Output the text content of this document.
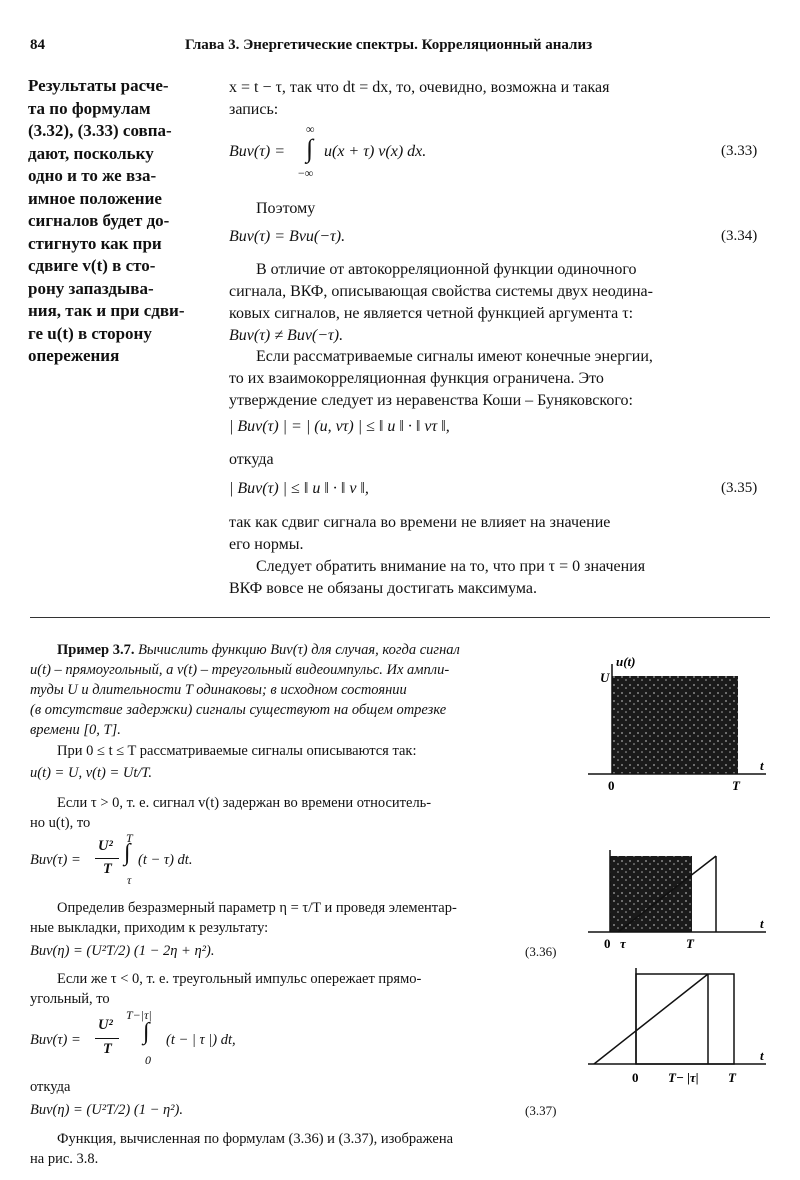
84	Глава 3. Энергетические спектры. Корреляционный анализ
Результаты расче-
та по формулам
(3.32), (3.33) совпа-
дают, поскольку
одно и то же вза-
имное положение
сигналов будет до-
стигнуто как при
сдвиге v(t) в сто-
рону запаздыва-
ния, так и при сдви-
ге u(t) в сторону
опережения
x = t − τ, так что dt = dx, то, очевидно, возможна и такая
запись:
Buv(τ) =
∞
∫
−∞
u(x + τ) v(x) dx.	(3.33)
Поэтому
Buv(τ) = Bvu(−τ).	(3.34)
В отличие от автокорреляционной функции одиночного
сигнала, ВКФ, описывающая свойства системы двух неодина-
ковых сигналов, не является четной функцией аргумента τ:
Buv(τ) ≠ Buv(−τ).
Если рассматриваемые сигналы имеют конечные энергии,
то их взаимокорреляционная функция ограничена. Это
утверждение следует из неравенства Коши – Буняковского:
| Buv(τ) | = | (u, vτ) | ≤ ‖ u ‖ · ‖ vτ ‖,
откуда
| Buv(τ) | ≤ ‖ u ‖ · ‖ v ‖,	(3.35)
так как сдвиг сигнала во времени не влияет на значение
его нормы.
Следует обратить внимание на то, что при τ = 0 значения
ВКФ вовсе не обязаны достигать максимума.
Пример 3.7. Вычислить функцию Buv(τ) для случая, когда сигнал
u(t) – прямоугольный, а v(t) – треугольный видеоимпульс. Их ампли-
туды U и длительности T одинаковы; в исходном состоянии
(в отсутствие задержки) сигналы существуют на общем отрезке
времени [0, T].
При 0 ≤ t ≤ T рассматриваемые сигналы описываются так:
u(t) = U, v(t) = Ut/T.
Если τ > 0, т. е. сигнал v(t) задержан во времени относитель-
но u(t), то
Buv(τ) =
U²
T
T
∫
τ
(t − τ) dt.
Определив безразмерный параметр η = τ/T и проведя элементар-
ные выкладки, приходим к результату:
Buv(η) = (U²T/2) (1 − 2η + η²).	(3.36)
Если же τ < 0, т. е. треугольный импульс опережает прямо-
угольный, то
Buv(τ) =
U²
T
T−|τ|
∫
0
(t − | τ |) dt,
откуда
Buv(η) = (U²T/2) (1 − η²).	(3.37)
Функция, вычисленная по формулам (3.36) и (3.37), изображена
на рис. 3.8.
u(t)
U
0	T
t
0 τ	T
t
0 T− |τ| T
t
